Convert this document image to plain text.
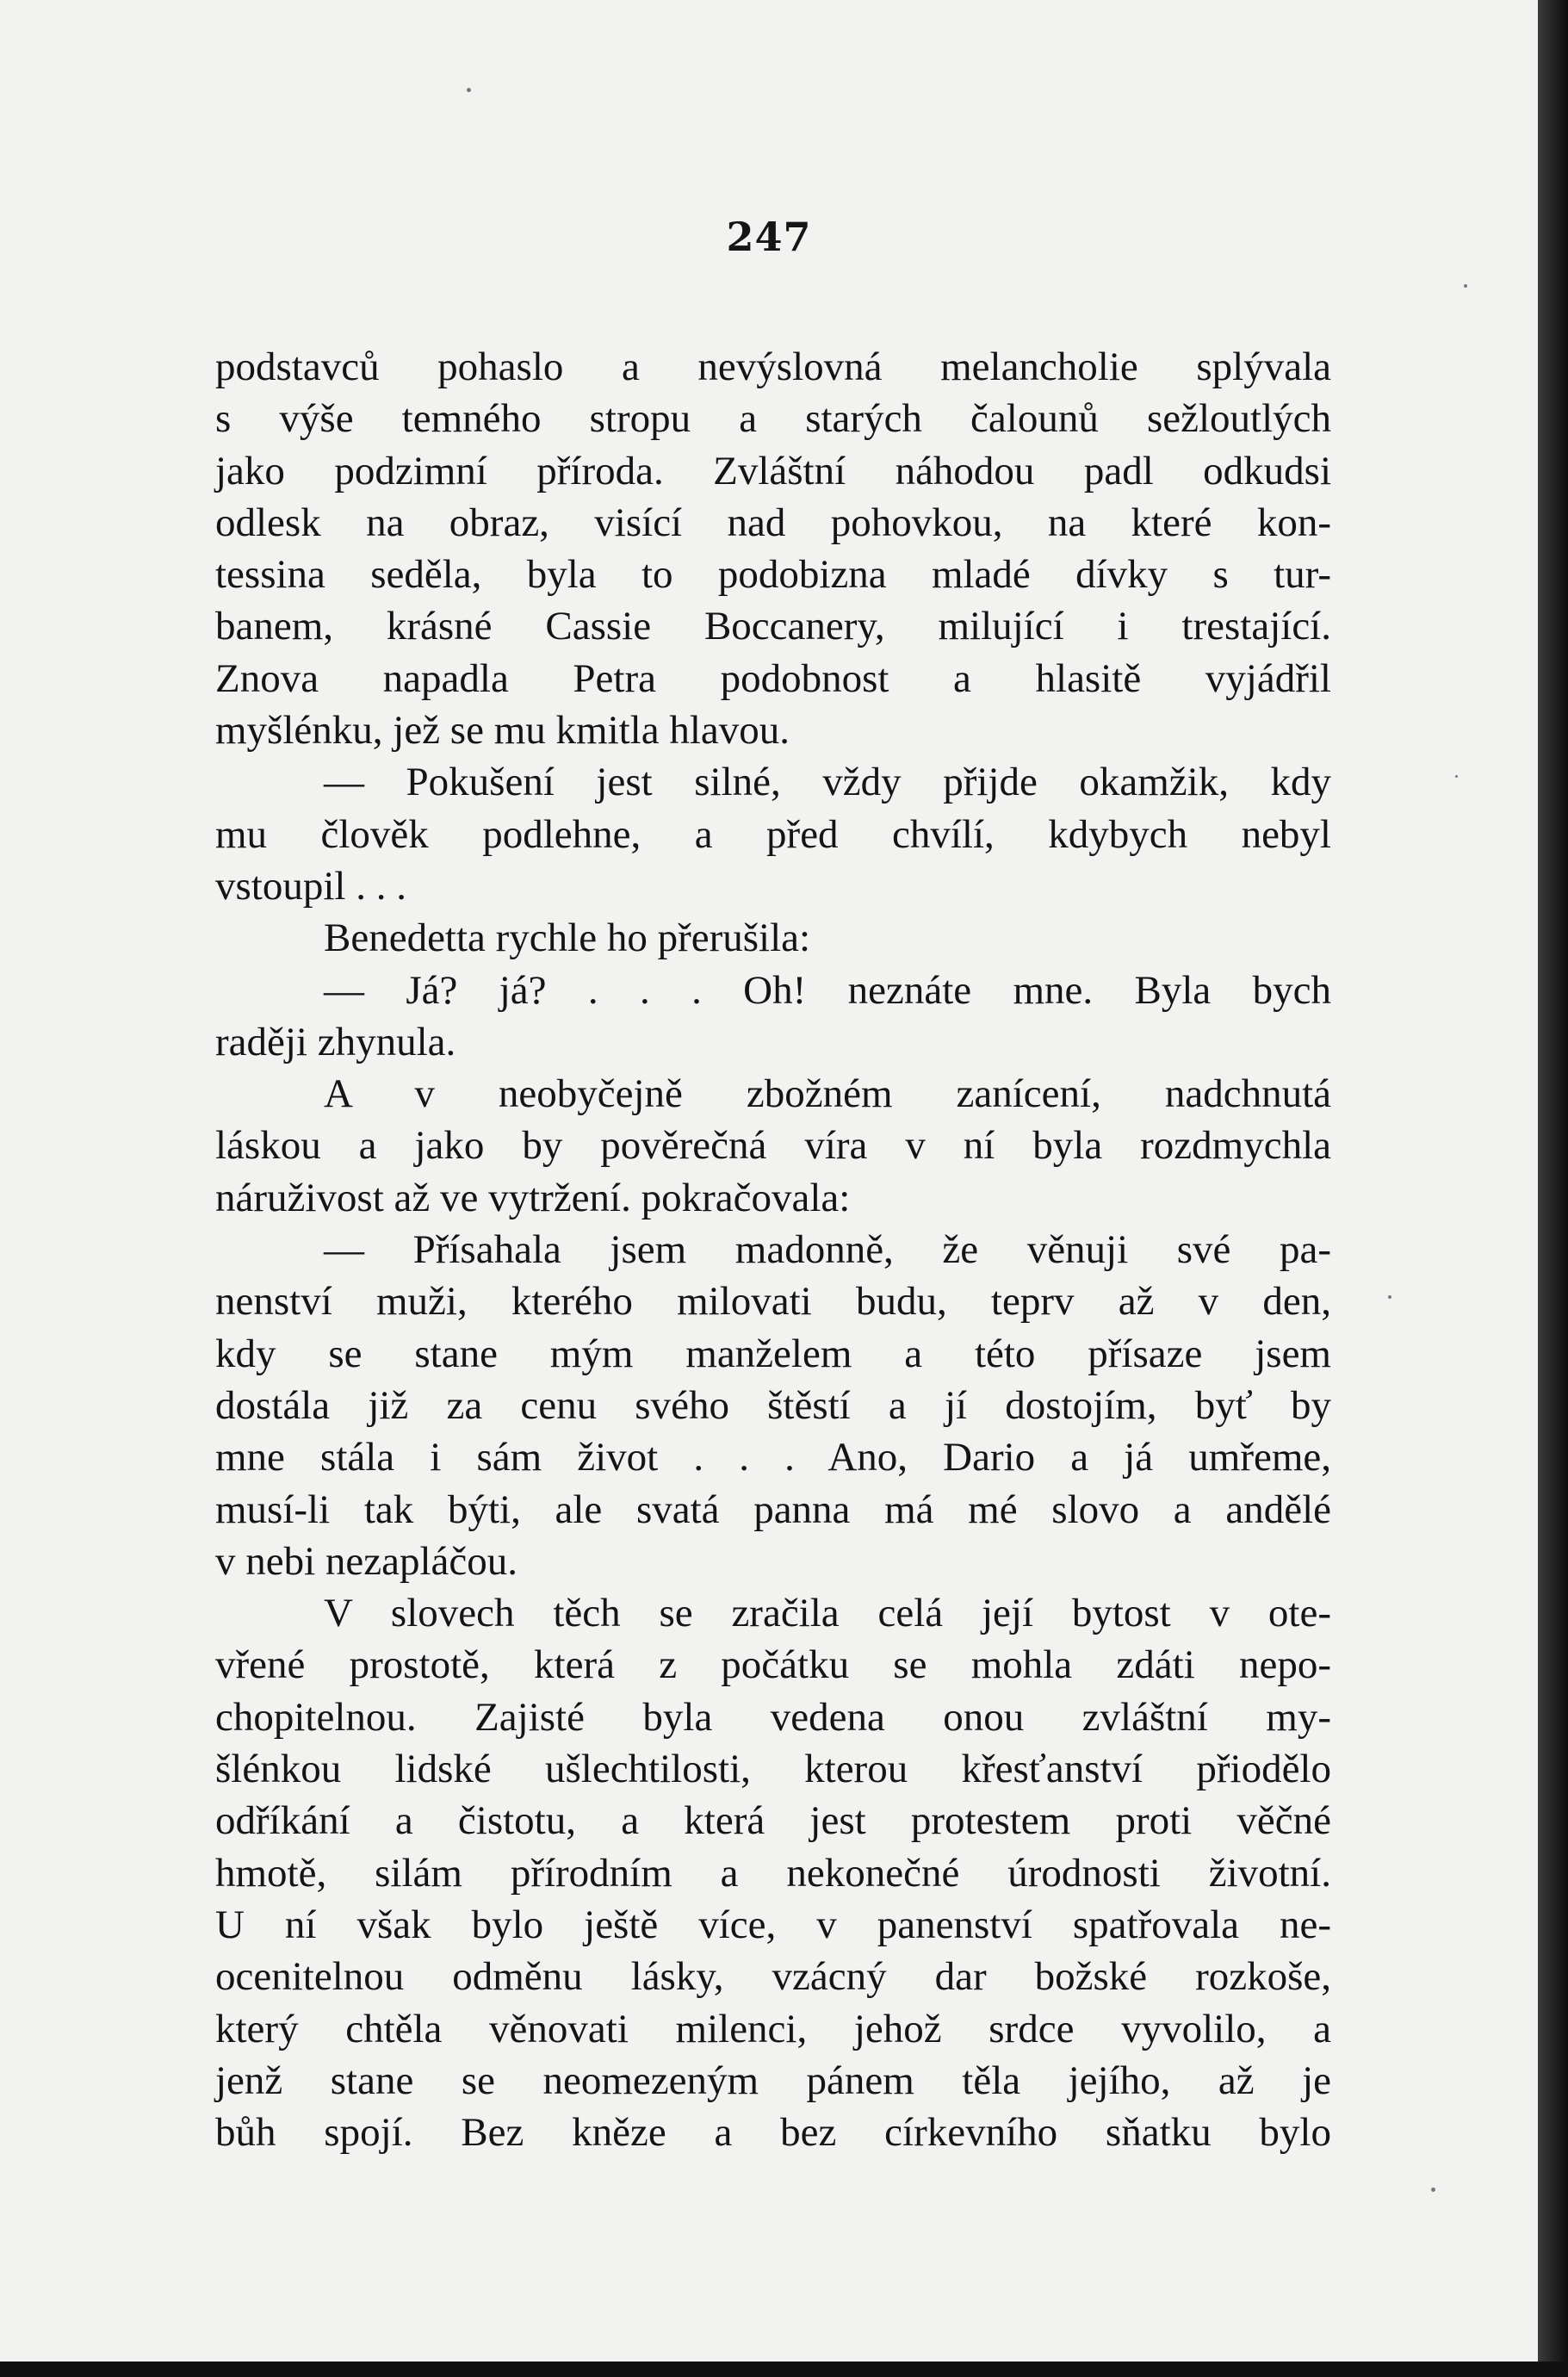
247
podstavců pohaslo a nevýslovná melancholie splývala
s výše temného stropu a starých čalounů sežloutlých
jako podzimní příroda. Zvláštní náhodou padl odkudsi
odlesk na obraz, visící nad pohovkou, na které kon-
tessina seděla, byla to podobizna mladé dívky s tur-
banem, krásné Cassie Boccanery, milující i trestající.
Znova napadla Petra podobnost a hlasitě vyjádřil
myšlénku, jež se mu kmitla hlavou.
— Pokušení jest silné, vždy přijde okamžik, kdy
mu člověk podlehne, a před chvílí, kdybych nebyl
vstoupil . . .
Benedetta rychle ho přerušila:
— Já? já? . . . Oh! neznáte mne. Byla bych
raději zhynula.
A v neobyčejně zbožném zanícení, nadchnutá
láskou a jako by pověrečná víra v ní byla rozdmychla
náruživost až ve vytržení. pokračovala:
— Přísahala jsem madonně, že věnuji své pa-
nenství muži, kterého milovati budu, teprv až v den,
kdy se stane mým manželem a této přísaze jsem
dostála již za cenu svého štěstí a jí dostojím, byť by
mne stála i sám život . . . Ano, Dario a já umřeme,
musí-li tak býti, ale svatá panna má mé slovo a andělé
v nebi nezapláčou.
V slovech těch se zračila celá její bytost v ote-
vřené prostotě, která z počátku se mohla zdáti nepo-
chopitelnou. Zajisté byla vedena onou zvláštní my-
šlénkou lidské ušlechtilosti, kterou křesťanství přiodělo
odříkání a čistotu, a která jest protestem proti věčné
hmotě, silám přírodním a nekonečné úrodnosti životní.
U ní však bylo ještě více, v panenství spatřovala ne-
ocenitelnou odměnu lásky, vzácný dar božské rozkoše,
který chtěla věnovati milenci, jehož srdce vyvolilo, a
jenž stane se neomezeným pánem těla jejího, až je
bůh spojí. Bez kněze a bez církevního sňatku bylo
